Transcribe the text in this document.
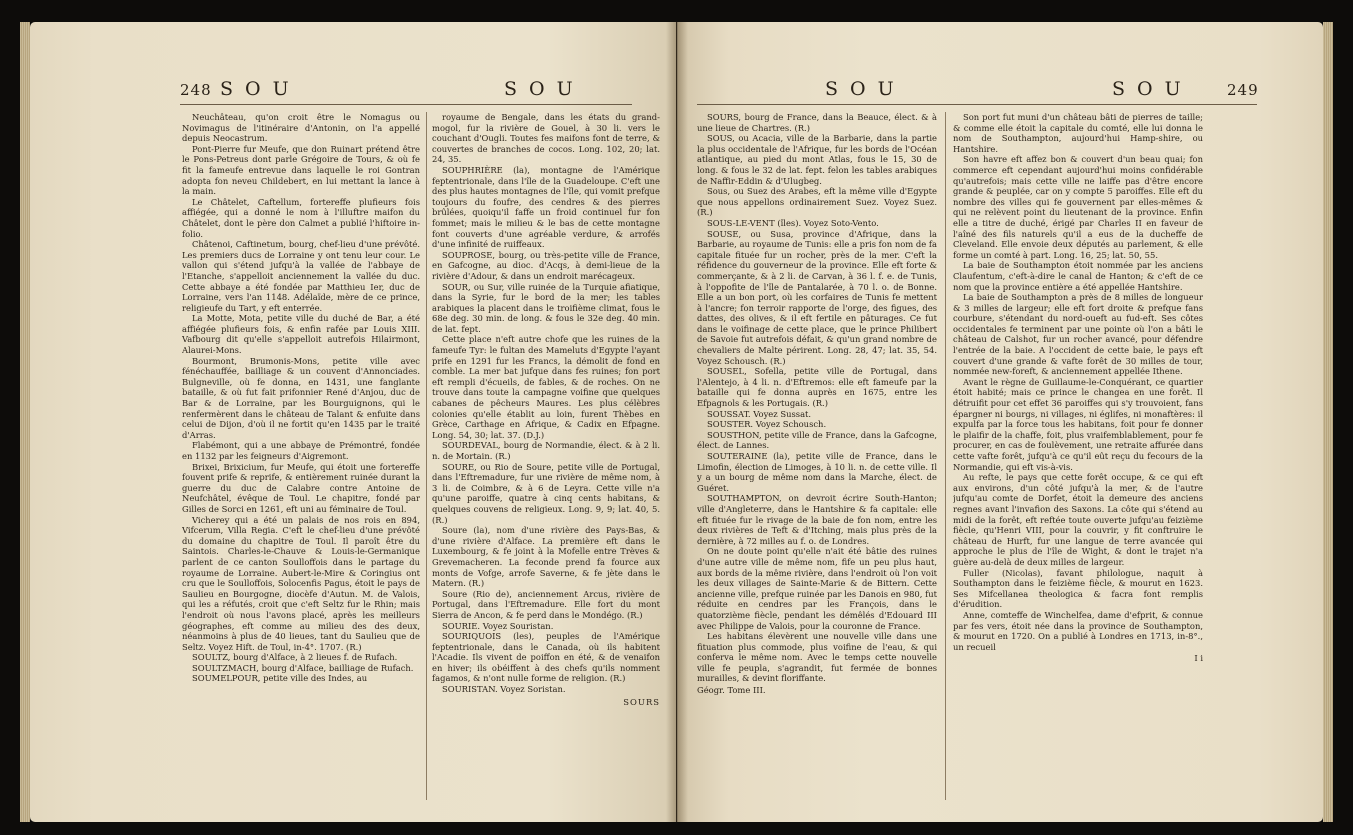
248 S O U	S O U

Neuchâteau, qu'on croit être le Nomagus ou Novimagus de l'itinéraire d'Antonin, on l'a appellé depuis Neocastrum.

Pont-Pierre fur Meufe, que don Ruinart prétend être le Pons-Petreus dont parle Grégoire de Tours, & où fe fit la fameufe entrevue dans laquelle le roi Gontran adopta fon neveu Childebert, en lui mettant la lance à la main.

Le Châtelet, Caftellum, fortereffe plufieurs fois affiégée, qui a donné le nom à l'illuftre maifon du Châtelet, dont le père don Calmet a publié l'hiftoire in-folio.

Châtenoi, Caftinetum, bourg, chef-lieu d'une prévôté. Les premiers ducs de Lorraine y ont tenu leur cour. Le vallon qui s'étend jufqu'à la vallée de l'abbaye de l'Etanche, s'appelloit anciennement la vallée du duc. Cette abbaye a été fondée par Matthieu Ier, duc de Lorraine, vers l'an 1148. Adélaïde, mère de ce prince, religieufe du Tart, y eft enterrée.

La Motte, Mota, petite ville du duché de Bar, a été affiégée plufieurs fois, & enfin rafée par Louis XIII. Vafbourg dit qu'elle s'appelloit autrefois Hilairmont, Alaurei-Mons.

Bourmont, Brumonis-Mons, petite ville avec fénéchauffée, bailliage & un couvent d'Annonciades. Bulgneville, où fe donna, en 1431, une fanglante bataille, & où fut fait prifonnier René d'Anjou, duc de Bar & de Lorraine, par les Bourguignons, qui le renfermèrent dans le château de Talant & enfuite dans celui de Dijon, d'où il ne fortit qu'en 1435 par le traité d'Arras.

Flabémont, qui a une abbaye de Prémontré, fondée en 1132 par les feigneurs d'Aigremont.

Brixei, Brixicium, fur Meufe, qui étoit une fortereffe fouvent prife & reprife, & entièrement ruinée durant la guerre du duc de Calabre contre Antoine de Neufchâtel, évêque de Toul. Le chapitre, fondé par Gilles de Sorci en 1261, eft uni au féminaire de Toul.

Vicherey qui a été un palais de nos rois en 894, Vifcerum, Villa Regia. C'eft le chef-lieu d'une prévôté du domaine du chapitre de Toul. Il paroît être du Saintois. Charles-le-Chauve & Louis-le-Germanique parlent de ce canton Soulloffois dans le partage du royaume de Lorraine. Aubert-le-Mire & Coringius ont cru que le Soulloffois, Solocenfis Pagus, étoit le pays de Saulieu en Bourgogne, diocèfe d'Autun. M. de Valois, qui les a réfutés, croit que c'eft Seltz fur le Rhin; mais l'endroit où nous l'avons placé, après les meilleurs géographes, eft comme au milieu des des deux, néanmoins à plus de 40 lieues, tant du Saulieu que de Seltz. Voyez Hift. de Toul, in-4°. 1707. (R.)

SOULTZ, bourg d'Alface, à 2 lieues f. de Rufach.

SOULTZMACH, bourg d'Alface, bailliage de Rufach.

SOUMELPOUR, petite ville des Indes, au

royaume de Bengale, dans les états du grand-mogol, fur la rivière de Gouel, à 30 li. vers le couchant d'Ougli. Toutes fes maifons font de terre, & couvertes de branches de cocos. Long. 102, 20; lat. 24, 35.

SOUPHRIÈRE (la), montagne de l'Amérique feptentrionale, dans l'île de la Guadeloupe. C'eft une des plus hautes montagnes de l'île, qui vomit prefque toujours du foufre, des cendres & des pierres brûlées, quoiqu'il faffe un froid continuel fur fon fommet; mais le milieu & le bas de cette montagne font couverts d'une agréable verdure, & arrofés d'une infinité de ruiffeaux.

SOUPROSE, bourg, ou très-petite ville de France, en Gafcogne, au dioc. d'Acqs, à demi-lieue de la rivière d'Adour, & dans un endroit marécageux.

SOUR, ou Sur, ville ruinée de la Turquie afiatique, dans la Syrie, fur le bord de la mer; les tables arabiques la placent dans le troifième climat, fous le 68e deg. 30 min. de long. & fous le 32e deg. 40 min. de lat. fept.

Cette place n'eft autre chofe que les ruines de la fameufe Tyr: le fultan des Mameluts d'Egypte l'ayant prife en 1291 fur les Francs, la démolit de fond en comble. La mer bat jufque dans fes ruines; fon port eft rempli d'écueils, de fables, & de roches. On ne trouve dans toute la campagne voifine que quelques cabanes de pêcheurs Maures. Les plus célèbres colonies qu'elle établit au loin, furent Thèbes en Grèce, Carthage en Afrique, & Cadix en Efpagne. Long. 54, 30; lat. 37. (D.J.)

SOURDEVAL, bourg de Normandie, élect. & à 2 li. n. de Mortain. (R.)

SOURE, ou Rio de Soure, petite ville de Portugal, dans l'Eftremadure, fur une rivière de même nom, à 3 li. de Coimbre, & à 6 de Leyra. Cette ville n'a qu'une paroiffe, quatre à cinq cents habitans, & quelques couvens de religieux. Long. 9, 9; lat. 40, 5. (R.)

Soure (la), nom d'une rivière des Pays-Bas, & d'une rivière d'Alface. La première eft dans le Luxembourg, & fe joint à la Mofelle entre Trèves & Grevemacheren. La feconde prend fa fource aux monts de Vofge, arrofe Saverne, & fe jète dans le Matern. (R.)

Soure (Rio de), anciennement Arcus, rivière de Portugal, dans l'Eftremadure. Elle fort du mont Sierra de Ancon, & fe perd dans le Mondégo. (R.)

SOURIE. Voyez Souristan.

SOURIQUOIS (les), peuples de l'Amérique feptentrionale, dans le Canada, où ils habitent l'Acadie. Ils vivent de poiffon en été, & de venaifon en hiver; ils obéiffent à des chefs qu'ils nomment fagamos, & n'ont nulle forme de religion. (R.)

SOURISTAN. Voyez Soristan.

SOURS

S O U	S O U	249

SOURS, bourg de France, dans la Beauce, élect. & à une lieue de Chartres. (R.)

SOUS, ou Acacia, ville de la Barbarie, dans la partie la plus occidentale de l'Afrique, fur les bords de l'Océan atlantique, au pied du mont Atlas, fous le 15, 30 de long. & fous le 32 de lat. fept. felon les tables arabiques de Naffir-Eddin & d'Ulugbeg.

Sous, ou Suez des Arabes, eft la même ville d'Egypte que nous appellons ordinairement Suez. Voyez Suez. (R.)

SOUS-LE-VENT (îles). Voyez Soto-Vento.

SOUSE, ou Susa, province d'Afrique, dans la Barbarie, au royaume de Tunis: elle a pris fon nom de fa capitale fituée fur un rocher, près de la mer. C'eft la réfidence du gouverneur de la province. Elle eft forte & commerçante, & à 2 li. de Carvan, à 36 l. f. e. de Tunis, à l'oppofite de l'île de Pantalarée, à 70 l. o. de Bonne. Elle a un bon port, où les corfaires de Tunis fe mettent à l'ancre; fon terroir rapporte de l'orge, des figues, des dattes, des olives, & il eft fertile en pâturages. Ce fut dans le voifinage de cette place, que le prince Philibert de Savoie fut autrefois défait, & qu'un grand nombre de chevaliers de Malte périrent. Long. 28, 47; lat. 35, 54. Voyez Schousch. (R.)

SOUSEL, Sofella, petite ville de Portugal, dans l'Alentejo, à 4 li. n. d'Eftremos: elle eft fameufe par la bataille qui fe donna auprès en 1675, entre les Efpagnols & les Portugais. (R.)

SOUSSAT. Voyez Sussat.

SOUSTER. Voyez Schousch.

SOUSTHON, petite ville de France, dans la Gafcogne, élect. de Lannes.

SOUTERAINE (la), petite ville de France, dans le Limofin, élection de Limoges, à 10 li. n. de cette ville. Il y a un bourg de même nom dans la Marche, élect. de Guéret.

SOUTHAMPTON, on devroit écrire South-Hanton; ville d'Angleterre, dans le Hantshire & fa capitale: elle eft fituée fur le rivage de la baie de fon nom, entre les deux rivières de Teft & d'Itching, mais plus près de la dernière, à 72 milles au f. o. de Londres.

On ne doute point qu'elle n'ait été bâtie des ruines d'une autre ville de même nom, fife un peu plus haut, aux bords de la même rivière, dans l'endroit où l'on voit les deux villages de Sainte-Marie & de Bittern. Cette ancienne ville, prefque ruinée par les Danois en 980, fut réduite en cendres par les François, dans le quatorzième fiècle, pendant les démêlés d'Edouard III avec Philippe de Valois, pour la couronne de France.

Les habitans élevèrent une nouvelle ville dans une fituation plus commode, plus voifine de l'eau, & qui conferva le même nom. Avec le temps cette nouvelle ville fe peupla, s'agrandit, fut fermée de bonnes murailles, & devint floriffante.

Géogr. Tome III.

Son port fut muni d'un château bâti de pierres de taille; & comme elle étoit la capitale du comté, elle lui donna le nom de Southampton, aujourd'hui Hamp-shire, ou Hantshire.

Son havre eft affez bon & couvert d'un beau quai; fon commerce eft cependant aujourd'hui moins confidérable qu'autrefois; mais cette ville ne laiffe pas d'être encore grande & peuplée, car on y compte 5 paroiffes. Elle eft du nombre des villes qui fe gouvernent par elles-mêmes & qui ne relèvent point du lieutenant de la province. Enfin elle a titre de duché, érigé par Charles II en faveur de l'aîné des fils naturels qu'il a eus de la ducheffe de Cleveland. Elle envoie deux députés au parlement, & elle forme un comté à part. Long. 16, 25; lat. 50, 55.

La baie de Southampton étoit nommée par les anciens Claufentum, c'eft-à-dire le canal de Hanton; & c'eft de ce nom que la province entière a été appellée Hantshire.

La baie de Southampton a près de 8 milles de longueur & 3 milles de largeur; elle eft fort droite & prefque fans courbure, s'étendant du nord-oueft au fud-eft. Ses côtes occidentales fe terminent par une pointe où l'on a bâti le château de Calshot, fur un rocher avancé, pour défendre l'entrée de la baie. A l'occident de cette baie, le pays eft couvert d'une grande & vafte forêt de 30 milles de tour, nommée new-foreft, & anciennement appellée Ithene.

Avant le règne de Guillaume-le-Conquérant, ce quartier étoit habité; mais ce prince le changea en une forêt. Il détruifit pour cet effet 36 paroiffes qui s'y trouvoient, fans épargner ni bourgs, ni villages, ni églifes, ni monaftères: il expulfa par la force tous les habitans, foit pour fe donner le plaifir de la chaffe, foit, plus vraifemblablement, pour fe procurer, en cas de foulèvement, une retraite affurée dans cette vafte forêt, jufqu'à ce qu'il eût reçu du fecours de la Normandie, qui eft vis-à-vis.

Au refte, le pays que cette forêt occupe, & ce qui eft aux environs, d'un côté jufqu'à la mer, & de l'autre jufqu'au comte de Dorfet, étoit la demeure des anciens regnes avant l'invafion des Saxons. La côte qui s'étend au midi de la forêt, eft reftée toute ouverte jufqu'au feizième fiècle, qu'Henri VIII, pour la couvrir, y fit conftruire le château de Hurft, fur une langue de terre avancée qui approche le plus de l'île de Wight, & dont le trajet n'a guère au-delà de deux milles de largeur.

Fuller (Nicolas), favant philologue, naquit à Southampton dans le feizième fiècle, & mourut en 1623. Ses Mifcellanea theologica & facra font remplis d'érudition.

Anne, comteffe de Winchelfea, dame d'efprit, & connue par fes vers, étoit née dans la province de Southampton, & mourut en 1720. On a publié à Londres en 1713, in-8°., un recueil

I i
